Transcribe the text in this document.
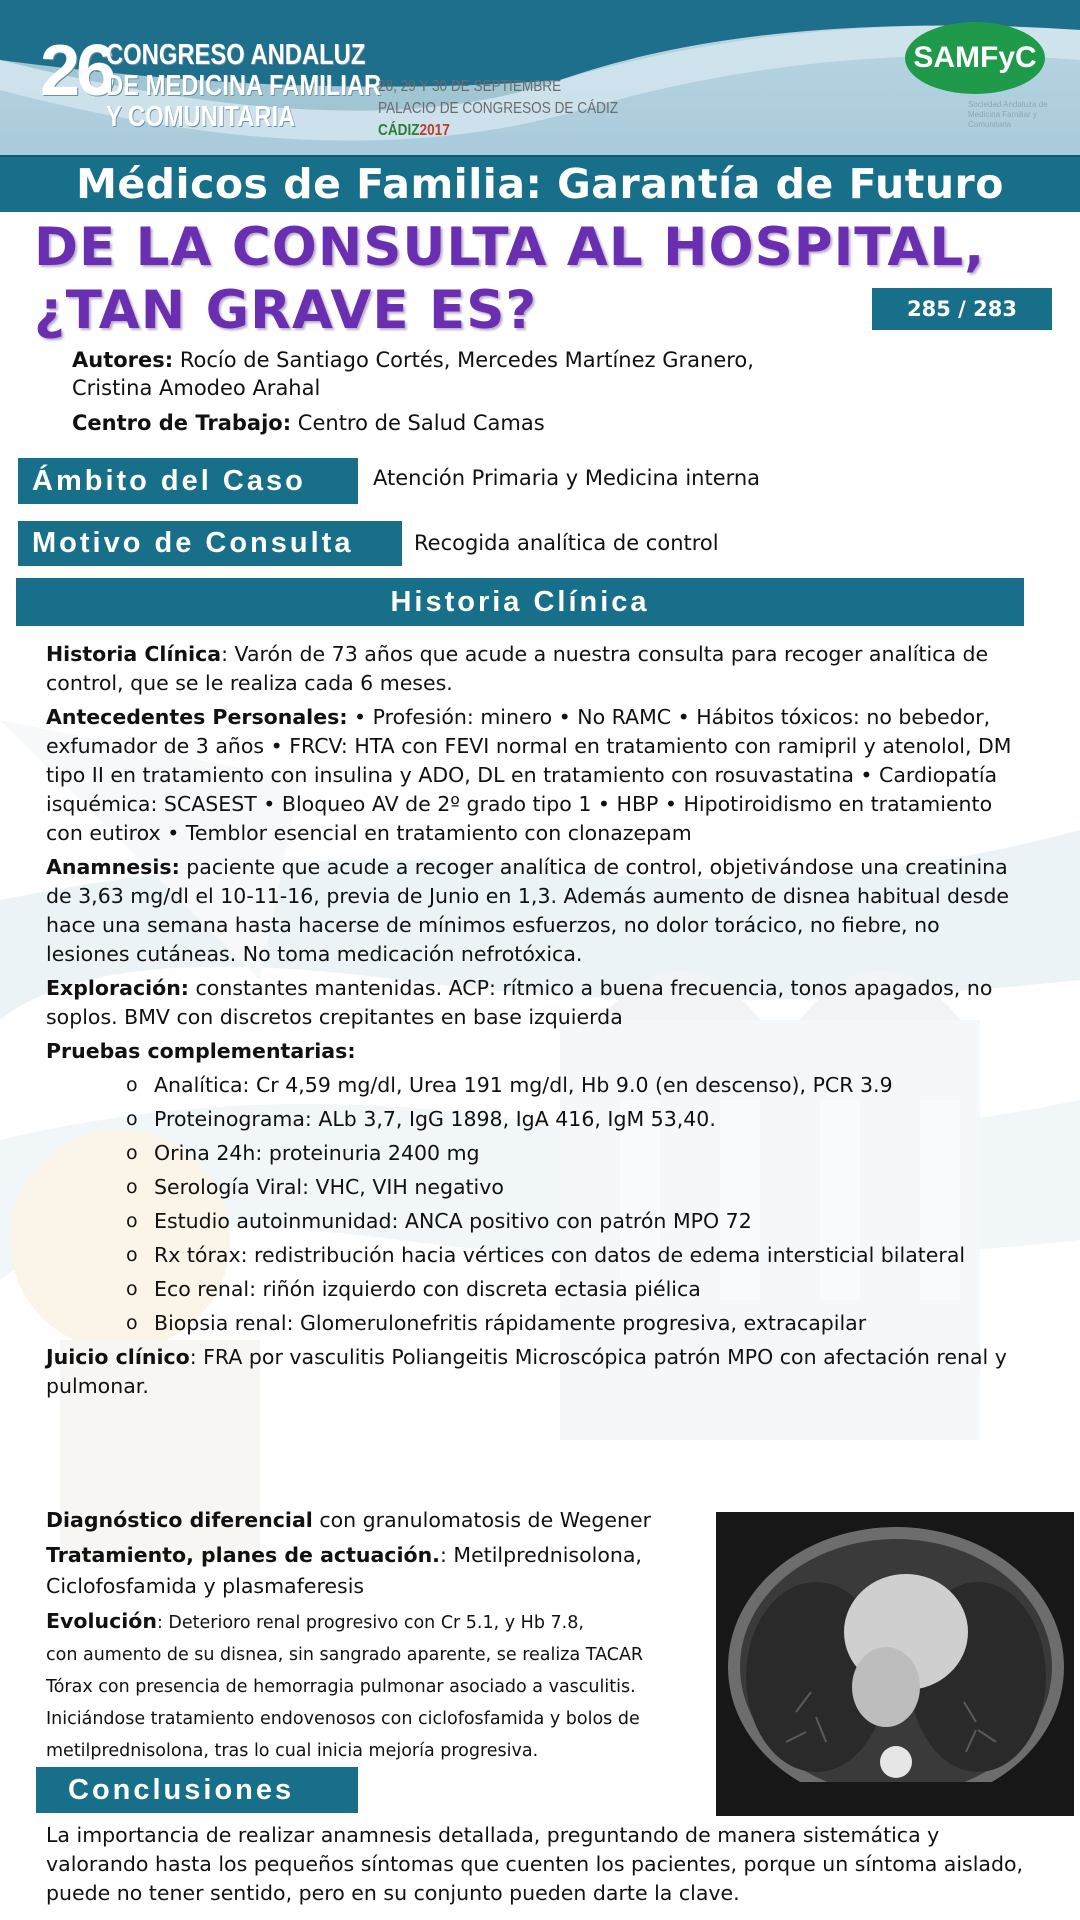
26
CONGRESO ANDALUZ
DE MEDICINA FAMILIAR
Y COMUNITARIA
28, 29 Y 30 DE SEPTIEMBRE
PALACIO DE CONGRESOS DE CÁDIZ
CÁDIZ2017
SAMFyC
Sociedad Andaluza de Medicina Familiar y Comunitaria
Médicos de Familia: Garantía de Futuro
DE LA CONSULTA AL HOSPITAL,
¿TAN GRAVE ES?	285 / 283
Autores: Rocío de Santiago Cortés, Mercedes Martínez Granero,
Cristina Amodeo Arahal
Centro de Trabajo: Centro de Salud Camas
Ámbito del Caso	Atención Primaria y Medicina interna
Motivo de Consulta	Recogida analítica de control
Historia Clínica

Historia Clínica: Varón de 73 años que acude a nuestra consulta para recoger analítica de control, que se le realiza cada 6 meses.

Antecedentes Personales: • Profesión: minero • No RAMC • Hábitos tóxicos: no bebedor, exfumador de 3 años • FRCV: HTA con FEVI normal en tratamiento con ramipril y atenolol, DM tipo II en tratamiento con insulina y ADO, DL en tratamiento con rosuvastatina • Cardiopatía isquémica: SCASEST • Bloqueo AV de 2º grado tipo 1 • HBP • Hipotiroidismo en tratamiento con eutirox • Temblor esencial en tratamiento con clonazepam

Anamnesis: paciente que acude a recoger analítica de control, objetivándose una creatinina de 3,63 mg/dl el 10-11-16, previa de Junio en 1,3. Además aumento de disnea habitual desde hace una semana hasta hacerse de mínimos esfuerzos, no dolor torácico, no fiebre, no lesiones cutáneas. No toma medicación nefrotóxica.

Exploración: constantes mantenidas. ACP: rítmico a buena frecuencia, tonos apagados, no soplos. BMV con discretos crepitantes en base izquierda

Pruebas complementarias:

o Analítica: Cr 4,59 mg/dl, Urea 191 mg/dl, Hb 9.0 (en descenso), PCR 3.9
o Proteinograma: ALb 3,7, IgG 1898, IgA 416, IgM 53,40.
o Orina 24h: proteinuria 2400 mg
o Serología Viral: VHC, VIH negativo
o Estudio autoinmunidad: ANCA positivo con patrón MPO 72
o Rx tórax: redistribución hacia vértices con datos de edema intersticial bilateral
o Eco renal: riñón izquierdo con discreta ectasia piélica
o Biopsia renal: Glomerulonefritis rápidamente progresiva, extracapilar

Juicio clínico: FRA por vasculitis Poliangeitis Microscópica patrón MPO con afectación renal y pulmonar.

Diagnóstico diferencial con granulomatosis de Wegener

Tratamiento, planes de actuación.: Metilprednisolona,
Ciclofosfamida y plasmaferesis

Evolución: Deterioro renal progresivo con Cr 5.1, y Hb 7.8,
con aumento de su disnea, sin sangrado aparente, se realiza TACAR
Tórax con presencia de hemorragia pulmonar asociado a vasculitis.
Iniciándose tratamiento endovenosos con ciclofosfamida y bolos de
metilprednisolona, tras lo cual inicia mejoría progresiva.

Conclusiones

La importancia de realizar anamnesis detallada, preguntando de manera sistemática y valorando hasta los pequeños síntomas que cuenten los pacientes, porque un síntoma aislado, puede no tener sentido, pero en su conjunto pueden darte la clave.
